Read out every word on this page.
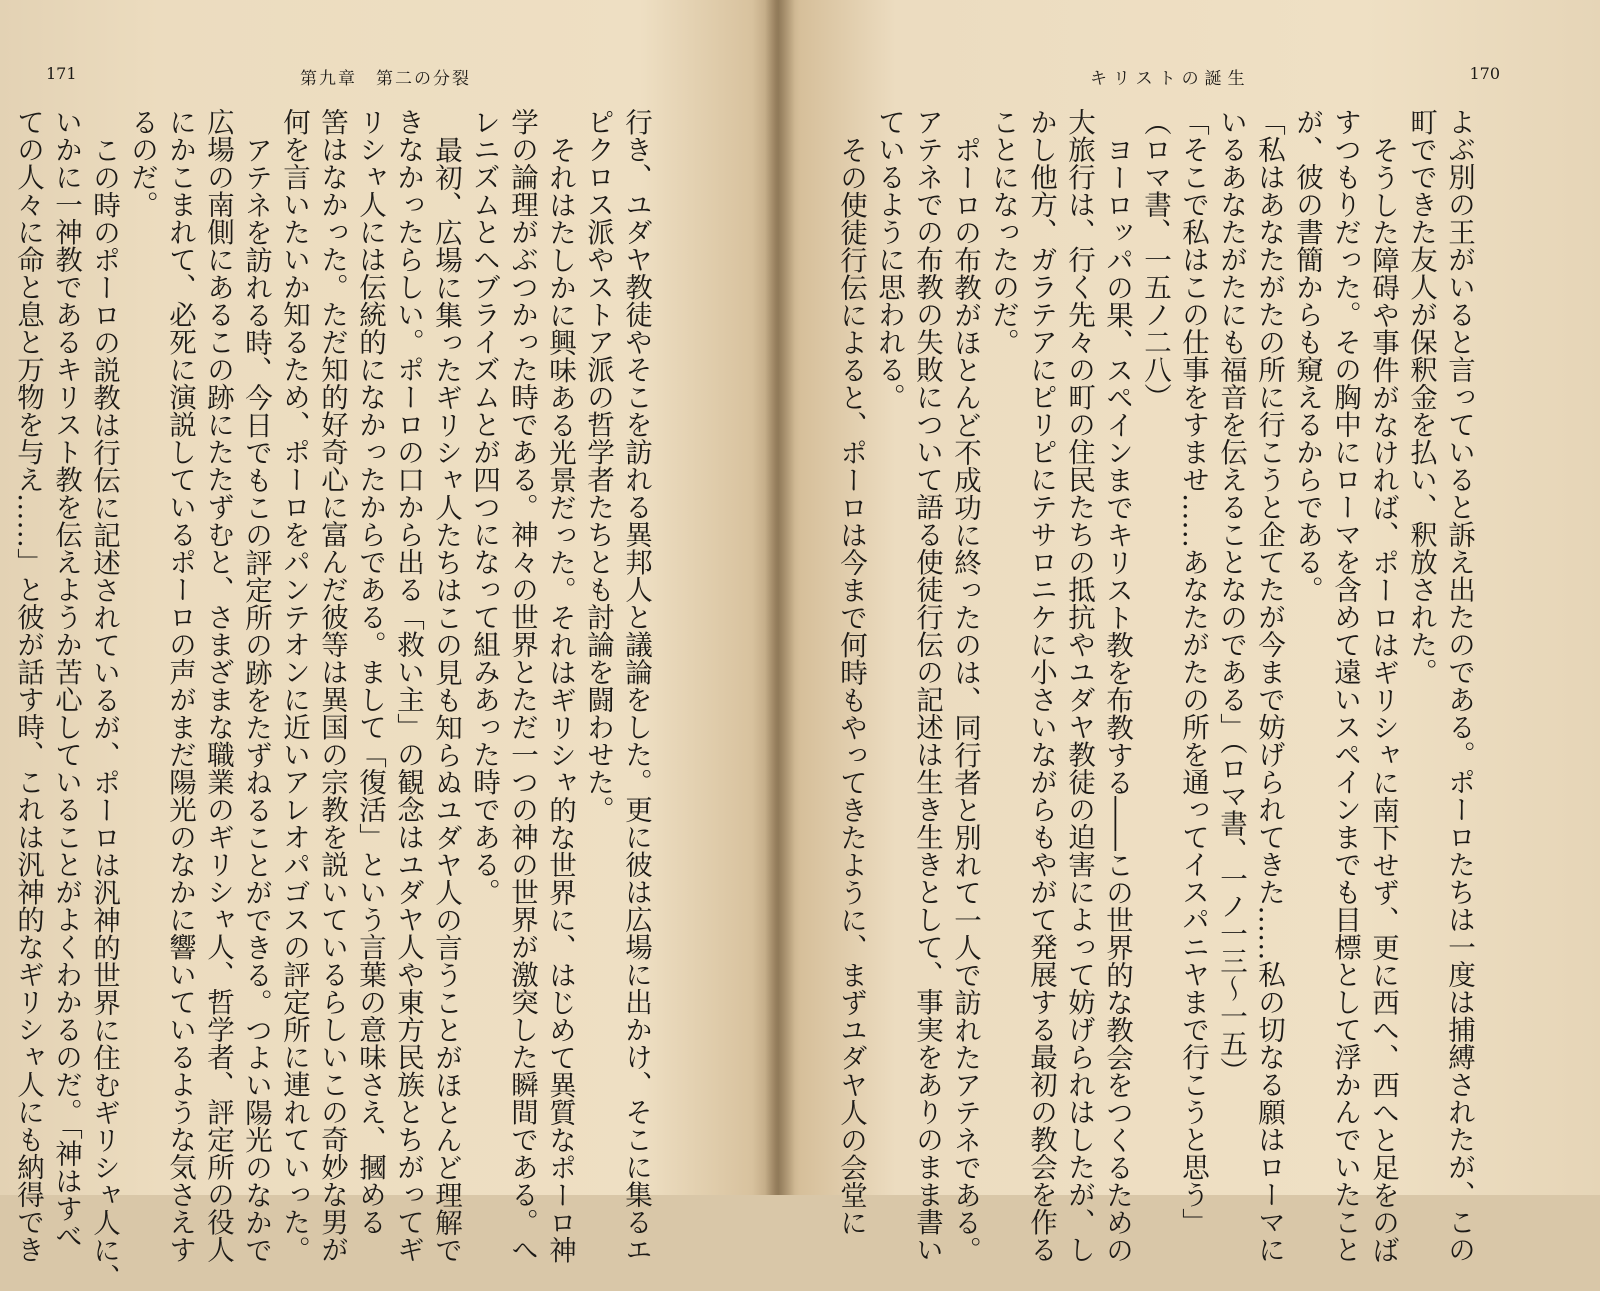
171	第九章　第二の分裂
行き、ユダヤ教徒やそこを訪れる異邦人と議論をした。更に彼は広場に出かけ、そこに集るエ
ピクロス派やストア派の哲学者たちとも討論を闘わせた。
それはたしかに興味ある光景だった。それはギリシャ的な世界に、はじめて異質なポーロ神
学の論理がぶつかった時である。神々の世界とただ一つの神の世界が激突した瞬間である。へ
レニズムとヘブライズムとが四つになって組みあった時である。
最初、広場に集ったギリシャ人たちはこの見も知らぬユダヤ人の言うことがほとんど理解で
きなかったらしい。ポーロの口から出る「救い主」の観念はユダヤ人や東方民族とちがってギ
リシャ人には伝統的になかったからである。まして「復活」という言葉の意味さえ、摑める
筈はなかった。ただ知的好奇心に富んだ彼等は異国の宗教を説いているらしいこの奇妙な男が
何を言いたいか知るため、ポーロをパンテオンに近いアレオパゴスの評定所に連れていった。
アテネを訪れる時、今日でもこの評定所の跡をたずねることができる。つよい陽光のなかで
広場の南側にあるこの跡にたたずむと、さまざまな職業のギリシャ人、哲学者、評定所の役人
にかこまれて、必死に演説しているポーロの声がまだ陽光のなかに響いているような気さえす
るのだ。
この時のポーロの説教は行伝に記述されているが、ポーロは汎神的世界に住むギリシャ人に、
いかに一神教であるキリスト教を伝えようか苦心していることがよくわかるのだ。「神はすべ
ての人々に命と息と万物を与え……」と彼が話す時、これは汎神的なギリシャ人にも納得でき
キリストの誕生	170
よぶ別の王がいると言っていると訴え出たのである。ポーロたちは一度は捕縛されたが、この
町でできた友人が保釈金を払い、釈放された。
そうした障碍や事件がなければ、ポーロはギリシャに南下せず、更に西へ、西へと足をのば
すつもりだった。その胸中にローマを含めて遠いスペインまでも目標として浮かんでいたこと
が、彼の書簡からも窺えるからである。
「私はあなたがたの所に行こうと企てたが今まで妨げられてきた……私の切なる願はローマに
いるあなたがたにも福音を伝えることなのである」（ロマ書、一ノ一三〜一五）
「そこで私はこの仕事をすませ……あなたがたの所を通ってイスパニヤまで行こうと思う」
（ロマ書、一五ノ二八）
ヨーロッパの果、スペインまでキリスト教を布教する――この世界的な教会をつくるための
大旅行は、行く先々の町の住民たちの抵抗やユダヤ教徒の迫害によって妨げられはしたが、し
かし他方、ガラテアにピリピにテサロニケに小さいながらもやがて発展する最初の教会を作る
ことになったのだ。
ポーロの布教がほとんど不成功に終ったのは、同行者と別れて一人で訪れたアテネである。
アテネでの布教の失敗について語る使徒行伝の記述は生き生きとして、事実をありのまま書い
ているように思われる。
その使徒行伝によると、ポーロは今まで何時もやってきたように、まずユダヤ人の会堂に
